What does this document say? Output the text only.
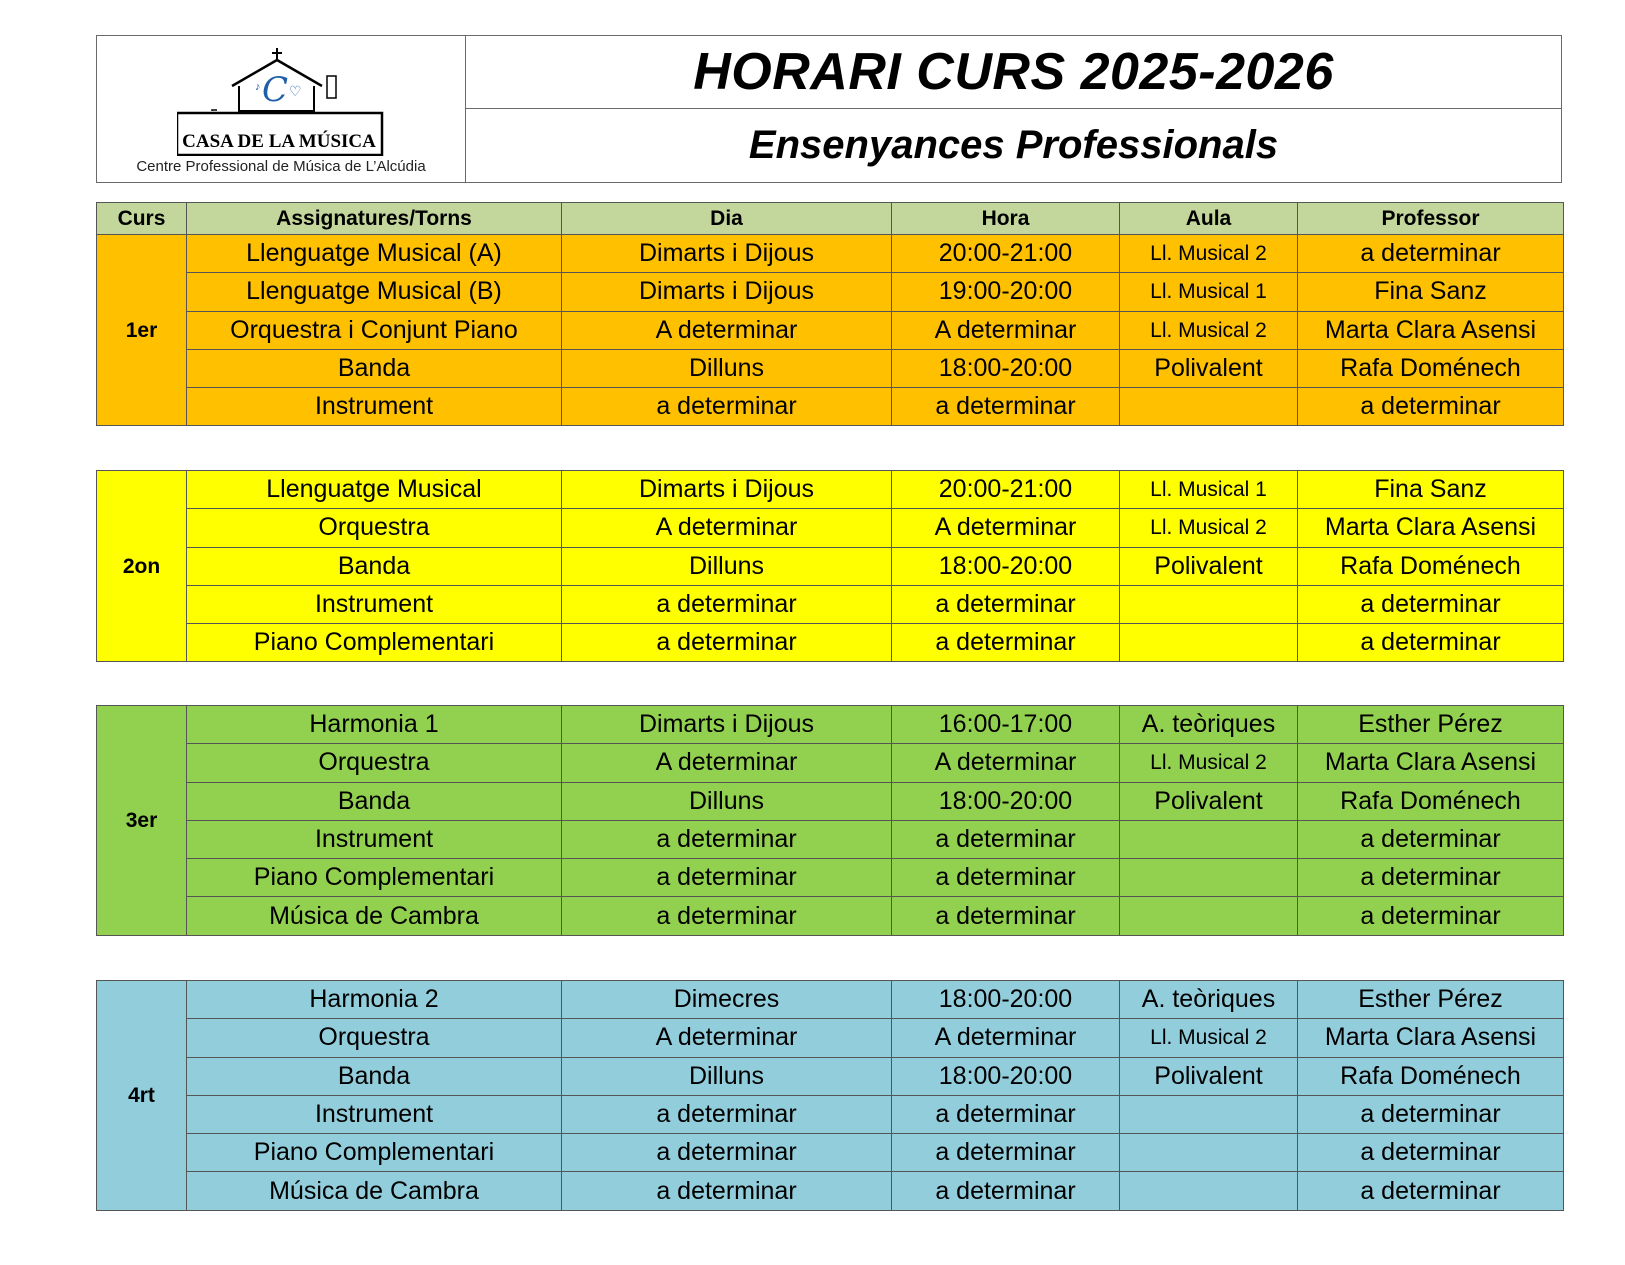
C
♪ ♡
CASA DE LA MÚSICA
Centre Professional de Música de L’Alcúdia
HORARI CURS 2025-2026
Ensenyances Professionals
Curs	Assignatures/Torns	Dia	Hora	Aula	Professor
1er	Llenguatge Musical (A)	Dimarts i Dijous	20:00-21:00	Ll. Musical 2	a determinar
	Llenguatge Musical (B)	Dimarts i Dijous	19:00-20:00	Ll. Musical 1	Fina Sanz
	Orquestra i Conjunt Piano	A determinar	A determinar	Ll. Musical 2	Marta Clara Asensi
	Banda	Dilluns	18:00-20:00	Polivalent	Rafa Doménech
	Instrument	a determinar	a determinar		a determinar
2on	Llenguatge Musical	Dimarts i Dijous	20:00-21:00	Ll. Musical 1	Fina Sanz
	Orquestra	A determinar	A determinar	Ll. Musical 2	Marta Clara Asensi
	Banda	Dilluns	18:00-20:00	Polivalent	Rafa Doménech
	Instrument	a determinar	a determinar		a determinar
	Piano Complementari	a determinar	a determinar		a determinar
3er	Harmonia 1	Dimarts i Dijous	16:00-17:00	A. teòriques	Esther Pérez
	Orquestra	A determinar	A determinar	Ll. Musical 2	Marta Clara Asensi
	Banda	Dilluns	18:00-20:00	Polivalent	Rafa Doménech
	Instrument	a determinar	a determinar		a determinar
	Piano Complementari	a determinar	a determinar		a determinar
	Música de Cambra	a determinar	a determinar		a determinar
4rt	Harmonia 2	Dimecres	18:00-20:00	A. teòriques	Esther Pérez
	Orquestra	A determinar	A determinar	Ll. Musical 2	Marta Clara Asensi
	Banda	Dilluns	18:00-20:00	Polivalent	Rafa Doménech
	Instrument	a determinar	a determinar		a determinar
	Piano Complementari	a determinar	a determinar		a determinar
	Música de Cambra	a determinar	a determinar		a determinar
